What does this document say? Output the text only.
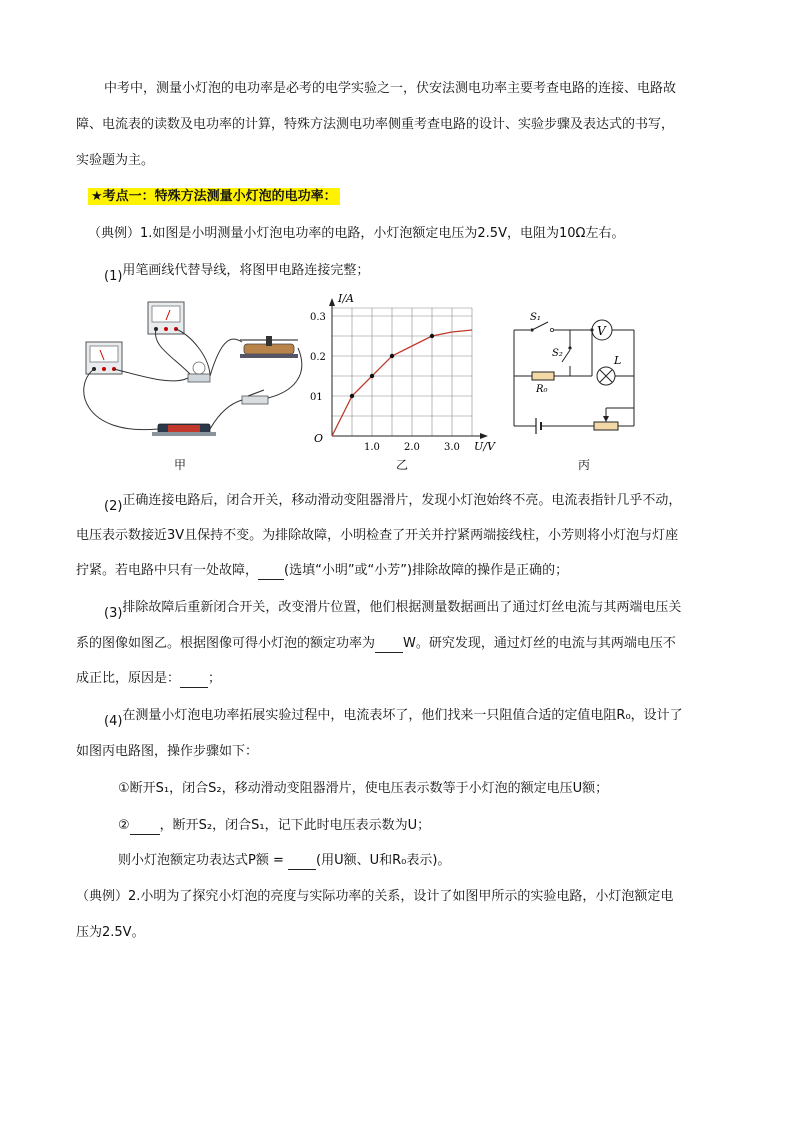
中考中，测量小灯泡的电功率是必考的电学实验之一，伏安法测电功率主要考查电路的连接、电路故
障、电流表的读数及电功率的计算，特殊方法测电功率侧重考查电路的设计、实验步骤及表达式的书写，
实验题为主。
★考点一：特殊方法测量小灯泡的电功率：
（典例）1.如图是小明测量小灯泡电功率的电路，小灯泡额定电压为2.5V，电阻为10Ω左右。
(1)用笔画线代替导线，将图甲电路连接完整；
甲
I/A
U/V
O
1.0 2.0 3.0
01
0.2
0.3
乙
V
S₁
S₂
R₀
L
丙
(2)正确连接电路后，闭合开关，移动滑动变阻器滑片，发现小灯泡始终不亮。电流表指针几乎不动，
电压表示数接近3V且保持不变。为排除故障，小明检查了开关并拧紧两端接线柱，小芳则将小灯泡与灯座
拧紧。若电路中只有一处故障， (选填“小明”或“小芳”)排除故障的操作是正确的；
(3)排除故障后重新闭合开关，改变滑片位置，他们根据测量数据画出了通过灯丝电流与其两端电压关
系的图像如图乙。根据图像可得小灯泡的额定功率为 W。研究发现，通过灯丝的电流与其两端电压不
成正比，原因是： ；
(4)在测量小灯泡电功率拓展实验过程中，电流表坏了，他们找来一只阻值合适的定值电阻R₀，设计了
如图丙电路图，操作步骤如下：
①断开S₁，闭合S₂，移动滑动变阻器滑片，使电压表示数等于小灯泡的额定电压U额；
② ，断开S₂，闭合S₁，记下此时电压表示数为U；
则小灯泡额定功表达式P额 = (用U额、U和R₀表示)。
（典例）2.小明为了探究小灯泡的亮度与实际功率的关系，设计了如图甲所示的实验电路，小灯泡额定电
压为2.5V。
